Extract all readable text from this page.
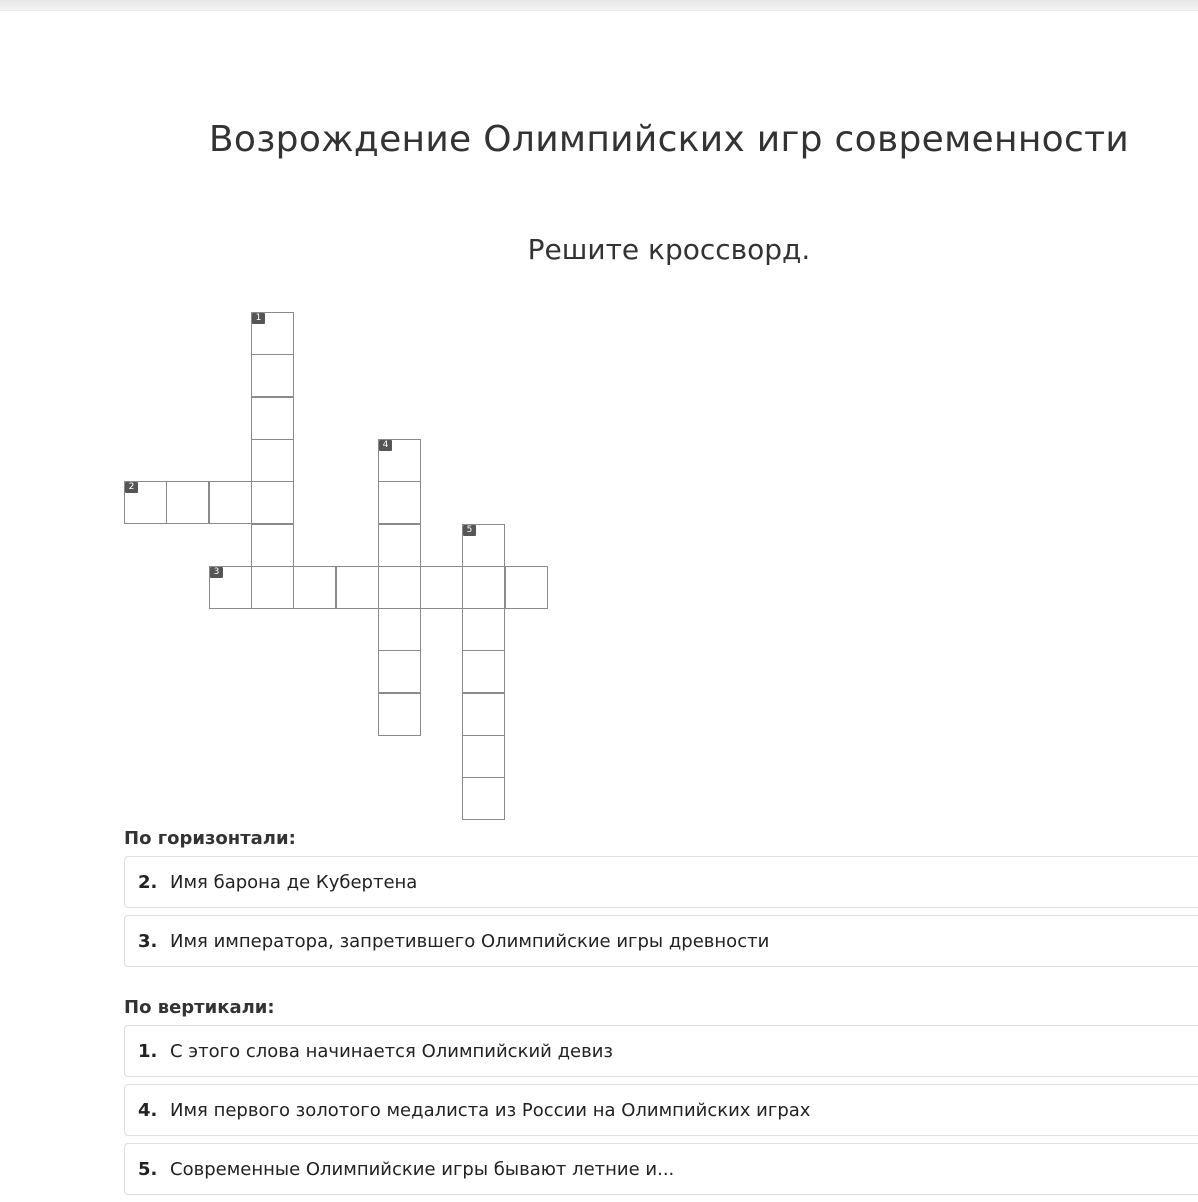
Возрождение Олимпийских игр современности
Решите кроссворд.
1
2
3
4
5
По горизонтали:
2. Имя барона де Кубертена
3. Имя императора, запретившего Олимпийские игры древности
По вертикали:
1. С этого слова начинается Олимпийский девиз
4. Имя первого золотого медалиста из России на Олимпийских играх
5. Современные Олимпийские игры бывают летние и...
